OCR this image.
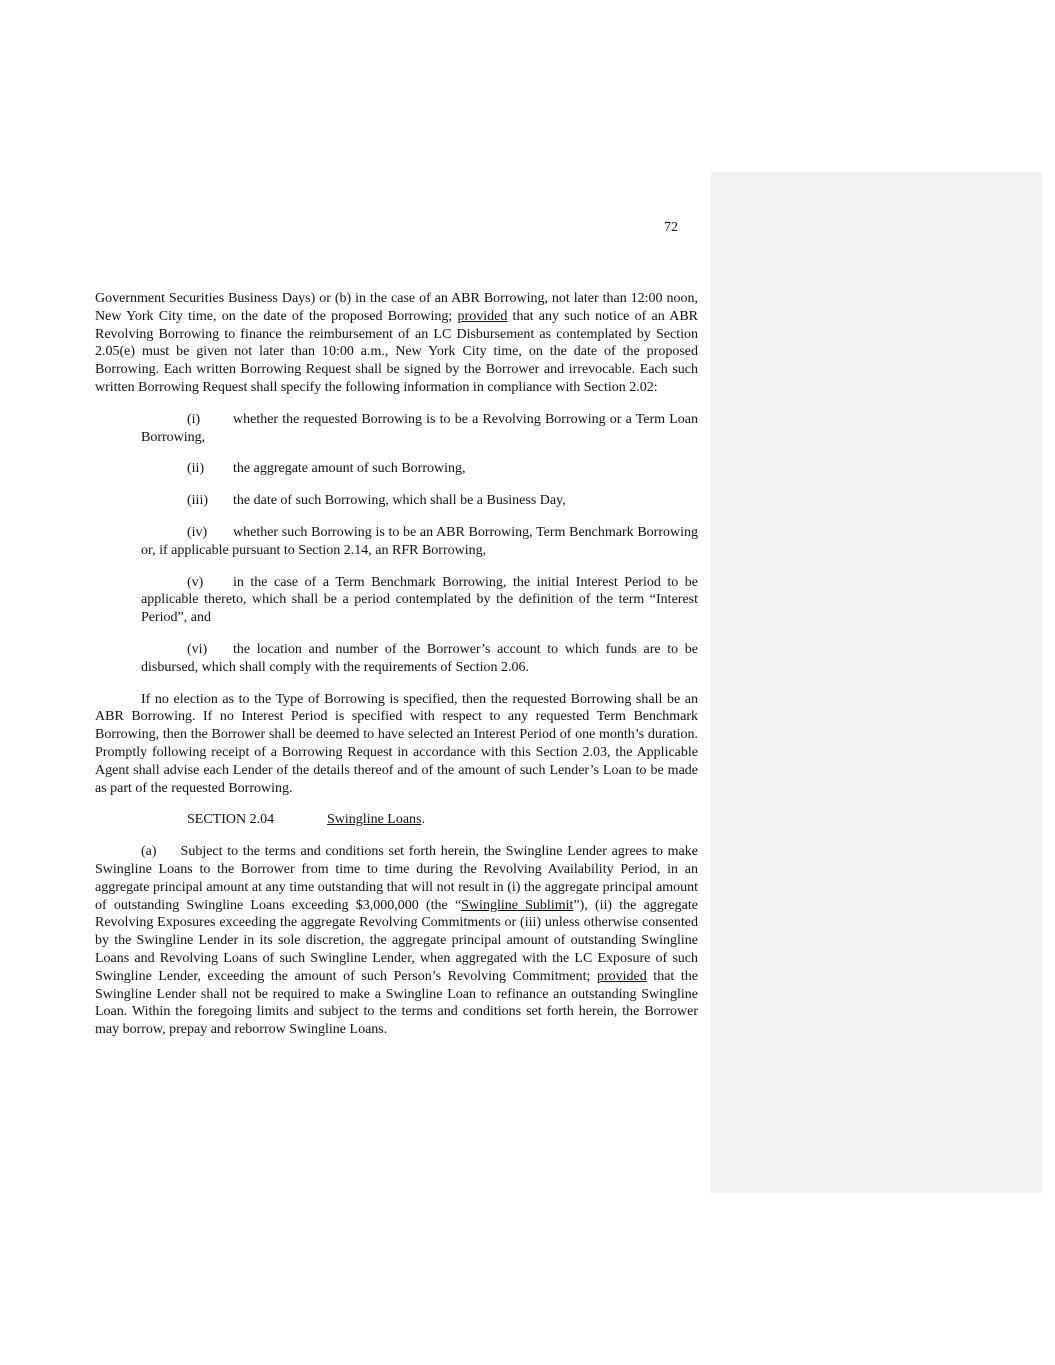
72

Government Securities Business Days) or (b) in the case of an ABR Borrowing, not later than 12:00 noon, New York City time, on the date of the proposed Borrowing; provided that any such notice of an ABR Revolving Borrowing to finance the reimbursement of an LC Disbursement as contemplated by Section 2.05(e) must be given not later than 10:00 a.m., New York City time, on the date of the proposed Borrowing. Each written Borrowing Request shall be signed by the Borrower and irrevocable. Each such written Borrowing Request shall specify the following information in compliance with Section 2.02:

(i) whether the requested Borrowing is to be a Revolving Borrowing or a Term Loan Borrowing,

(ii) the aggregate amount of such Borrowing,

(iii) the date of such Borrowing, which shall be a Business Day,

(iv) whether such Borrowing is to be an ABR Borrowing, Term Benchmark Borrowing or, if applicable pursuant to Section 2.14, an RFR Borrowing,

(v) in the case of a Term Benchmark Borrowing, the initial Interest Period to be applicable thereto, which shall be a period contemplated by the definition of the term “Interest Period”, and

(vi) the location and number of the Borrower’s account to which funds are to be disbursed, which shall comply with the requirements of Section 2.06.

If no election as to the Type of Borrowing is specified, then the requested Borrowing shall be an ABR Borrowing. If no Interest Period is specified with respect to any requested Term Benchmark Borrowing, then the Borrower shall be deemed to have selected an Interest Period of one month’s duration. Promptly following receipt of a Borrowing Request in accordance with this Section 2.03, the Applicable Agent shall advise each Lender of the details thereof and of the amount of such Lender’s Loan to be made as part of the requested Borrowing.

SECTION 2.04	Swingline Loans.

(a) Subject to the terms and conditions set forth herein, the Swingline Lender agrees to make Swingline Loans to the Borrower from time to time during the Revolving Availability Period, in an aggregate principal amount at any time outstanding that will not result in (i) the aggregate principal amount of outstanding Swingline Loans exceeding $3,000,000 (the “Swingline Sublimit”), (ii) the aggregate Revolving Exposures exceeding the aggregate Revolving Commitments or (iii) unless otherwise consented by the Swingline Lender in its sole discretion, the aggregate principal amount of outstanding Swingline Loans and Revolving Loans of such Swingline Lender, when aggregated with the LC Exposure of such Swingline Lender, exceeding the amount of such Person’s Revolving Commitment; provided that the Swingline Lender shall not be required to make a Swingline Loan to refinance an outstanding Swingline Loan. Within the foregoing limits and subject to the terms and conditions set forth herein, the Borrower may borrow, prepay and reborrow Swingline Loans.
